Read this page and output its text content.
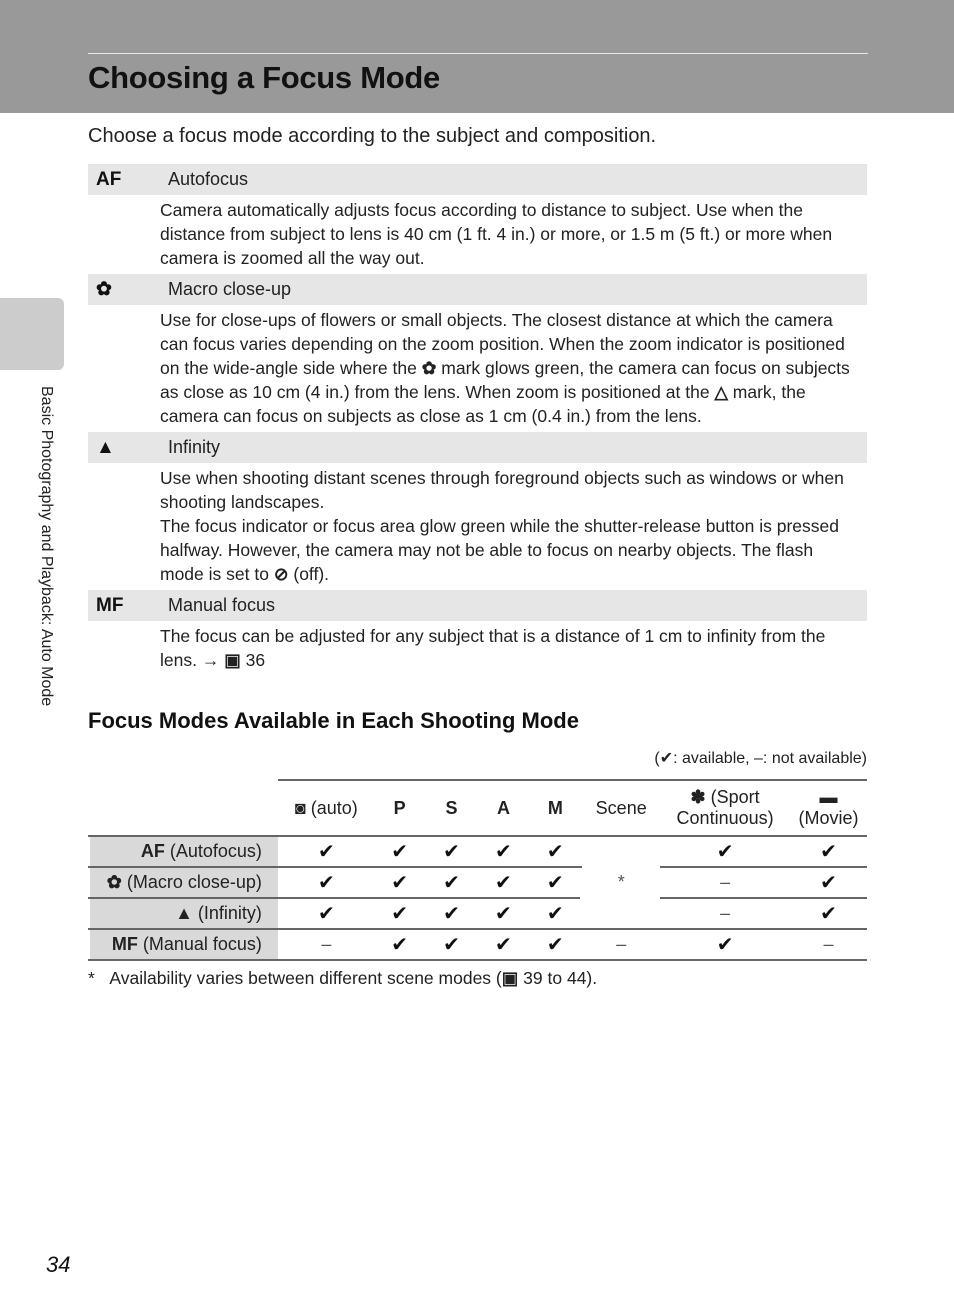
Choosing a Focus Mode
Basic Photography and Playback: Auto Mode
Choose a focus mode according to the subject and composition.
AF	Autofocus
Camera automatically adjusts focus according to distance to subject. Use when the distance from subject to lens is 40 cm (1 ft. 4 in.) or more, or 1.5 m (5 ft.) or more when camera is zoomed all the way out.
✿	Macro close-up
Use for close-ups of flowers or small objects. The closest distance at which the camera can focus varies depending on the zoom position. When the zoom indicator is positioned on the wide-angle side where the ✿ mark glows green, the camera can focus on subjects as close as 10 cm (4 in.) from the lens. When zoom is positioned at the △ mark, the camera can focus on subjects as close as 1 cm (0.4 in.) from the lens.
▲	Infinity
Use when shooting distant scenes through foreground objects such as windows or when shooting landscapes.
The focus indicator or focus area glow green while the shutter-release button is pressed halfway. However, the camera may not be able to focus on nearby objects. The flash mode is set to ⊘ (off).
MF	Manual focus
The focus can be adjusted for any subject that is a distance of 1 cm to infinity from the lens. → ▣ 36
Focus Modes Available in Each Shooting Mode
(✔: available, –: not available)
	◙ (auto)	P	S	A	M	Scene	✽ (Sport Continuous)	▬
(Movie)
AF (Autofocus)	✔	✔	✔	✔	✔	*	✔	✔
✿ (Macro close-up)	✔	✔	✔	✔	✔		–	✔
▲ (Infinity)	✔	✔	✔	✔	✔		–	✔
MF (Manual focus)	–	✔	✔	✔	✔	–	✔	–
* Availability varies between different scene modes (▣ 39 to 44).
34
